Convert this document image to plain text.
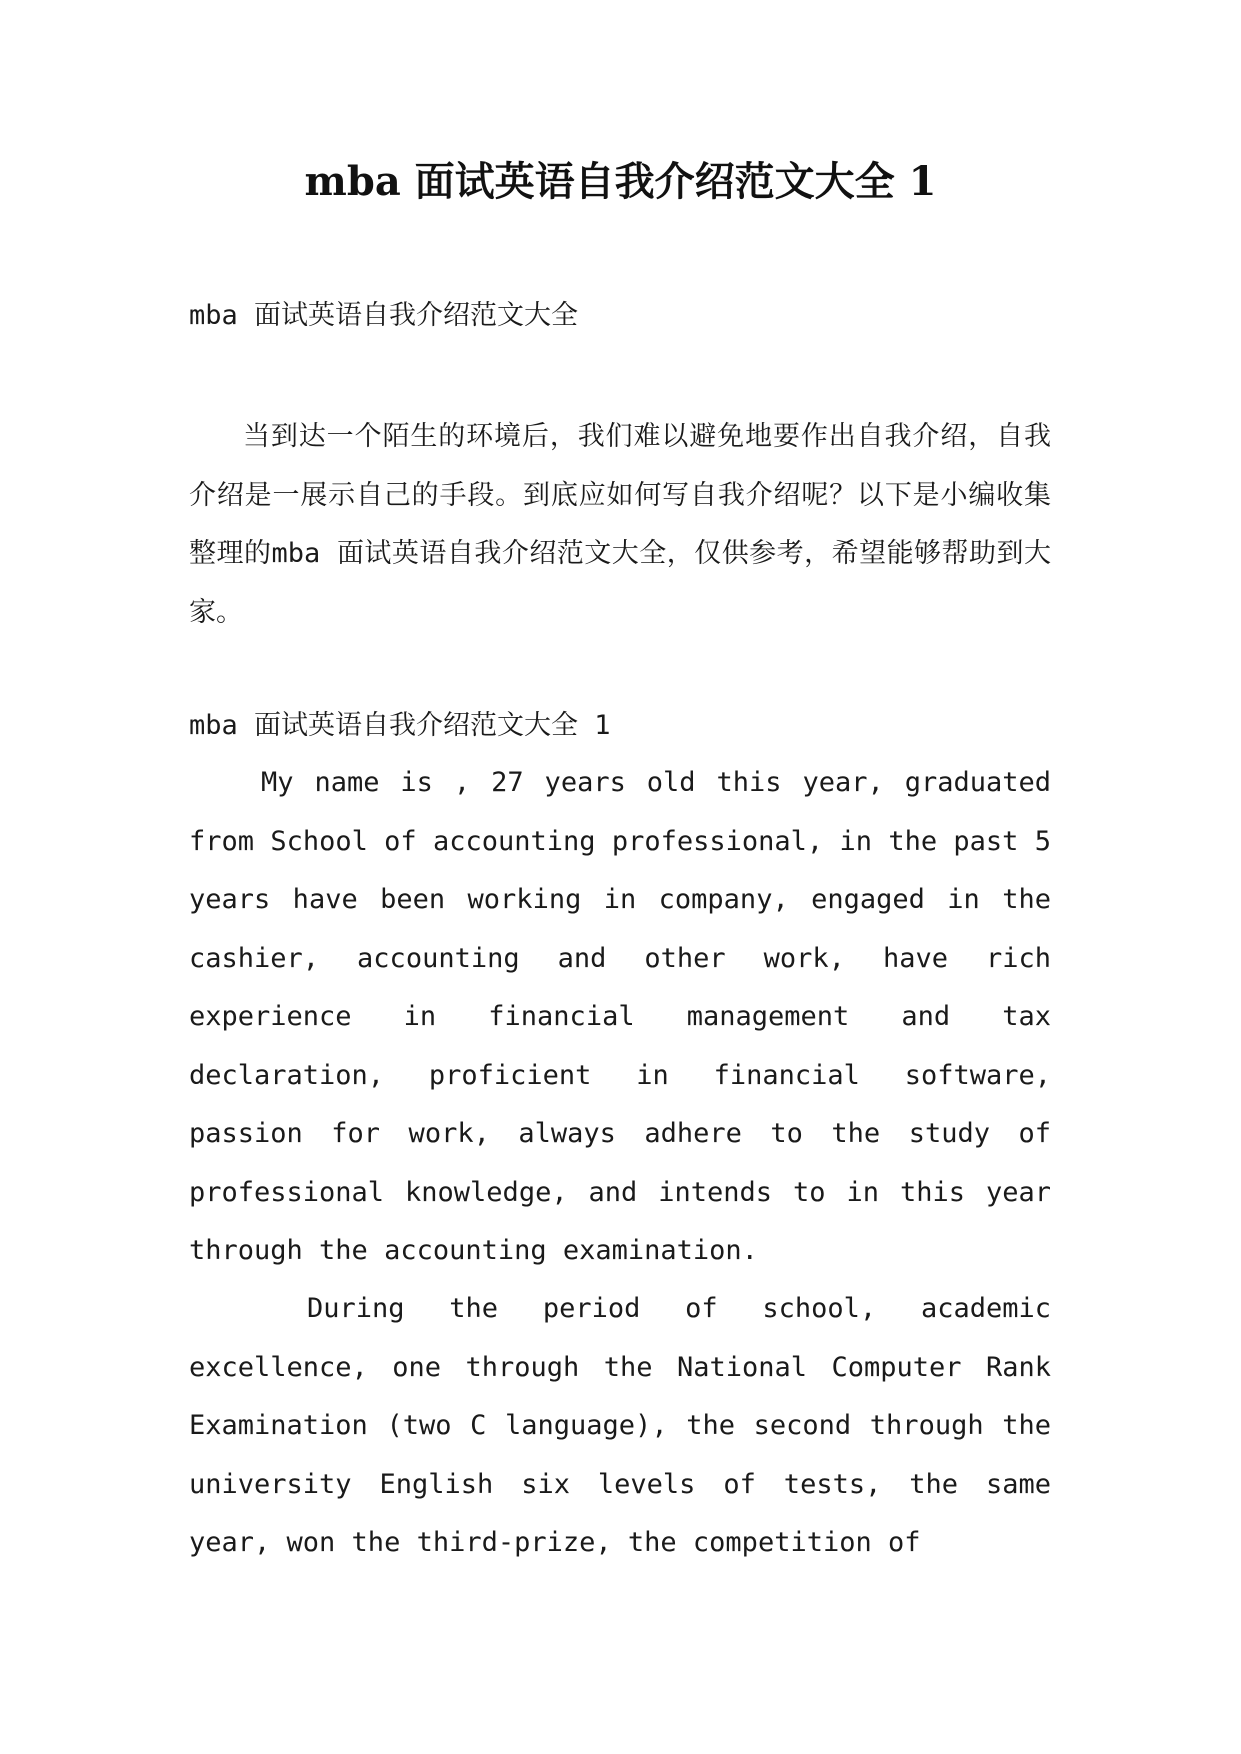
mba 面试英语自我介绍范文大全 1
mba 面试英语自我介绍范文大全
当到达一个陌生的环境后，我们难以避免地要作出自我介绍，自我介绍是一展示自己的手段。到底应如何写自我介绍呢？以下是小编收集整理的mba 面试英语自我介绍范文大全，仅供参考，希望能够帮助到大家。
mba 面试英语自我介绍范文大全 1
My name is , 27 years old this year, graduated from School of accounting professional, in the past 5 years have been working in company, engaged in the cashier, accounting and other work, have rich experience in financial management and tax declaration, proficient in financial software, passion for work, always adhere to the study of professional knowledge, and intends to in this year through the accounting examination.
During the period of school, academic excellence, one through the National Computer Rank Examination (two C language), the second through the university English six levels of tests, the same year, won the third-prize, the competition of
